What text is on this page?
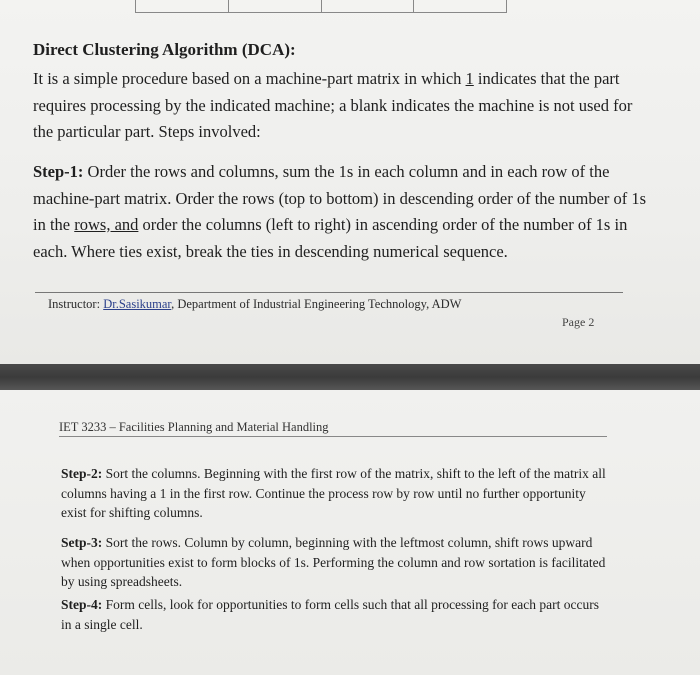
Direct Clustering Algorithm (DCA):
It is a simple procedure based on a machine-part matrix in which 1 indicates that the part requires processing by the indicated machine; a blank indicates the machine is not used for the particular part. Steps involved:
Step-1: Order the rows and columns, sum the 1s in each column and in each row of the machine-part matrix. Order the rows (top to bottom) in descending order of the number of 1s in the rows, and order the columns (left to right) in ascending order of the number of 1s in each. Where ties exist, break the ties in descending numerical sequence.
Instructor: Dr.Sasikumar, Department of Industrial Engineering Technology, ADW
Page 2
IET 3233 – Facilities Planning and Material Handling
Step-2: Sort the columns. Beginning with the first row of the matrix, shift to the left of the matrix all columns having a 1 in the first row. Continue the process row by row until no further opportunity exist for shifting columns.
Setp-3: Sort the rows. Column by column, beginning with the leftmost column, shift rows upward when opportunities exist to form blocks of 1s. Performing the column and row sortation is facilitated by using spreadsheets.
Step-4: Form cells, look for opportunities to form cells such that all processing for each part occurs in a single cell.
